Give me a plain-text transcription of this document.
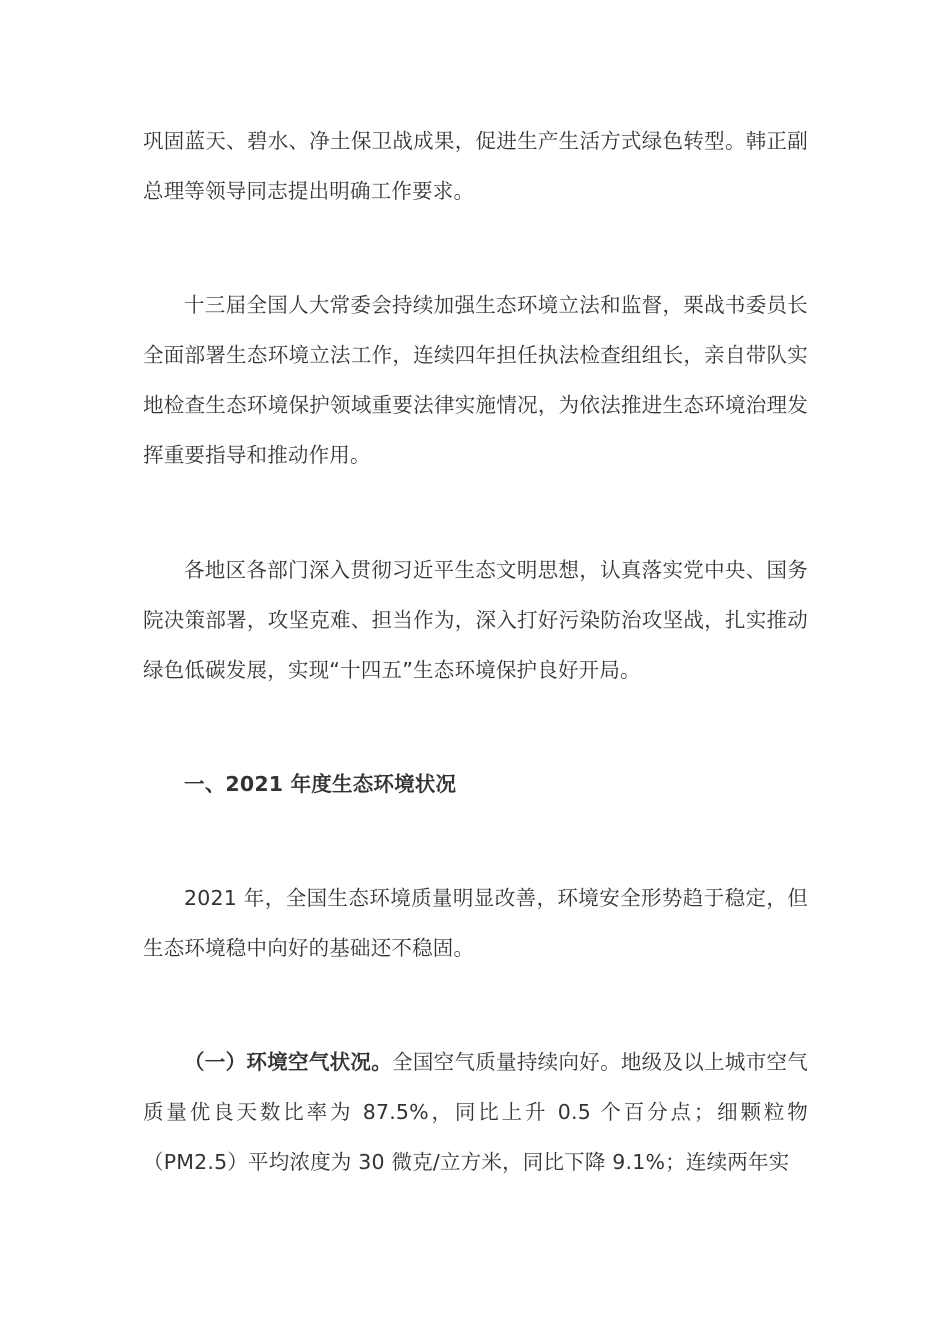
巩固蓝天、碧水、净土保卫战成果，促进生产生活方式绿色转型。韩正副总理等领导同志提出明确工作要求。

十三届全国人大常委会持续加强生态环境立法和监督，栗战书委员长全面部署生态环境立法工作，连续四年担任执法检查组组长，亲自带队实地检查生态环境保护领域重要法律实施情况，为依法推进生态环境治理发挥重要指导和推动作用。

各地区各部门深入贯彻习近平生态文明思想，认真落实党中央、国务院决策部署，攻坚克难、担当作为，深入打好污染防治攻坚战，扎实推动绿色低碳发展，实现“十四五”生态环境保护良好开局。

一、2021 年度生态环境状况

2021 年，全国生态环境质量明显改善，环境安全形势趋于稳定，但生态环境稳中向好的基础还不稳固。

（一）环境空气状况。全国空气质量持续向好。地级及以上城市空气质量优良天数比率为 87.5%，同比上升 0.5 个百分点；细颗粒物（PM2.5）平均浓度为 30 微克/立方米，同比下降 9.1%；连续两年实
